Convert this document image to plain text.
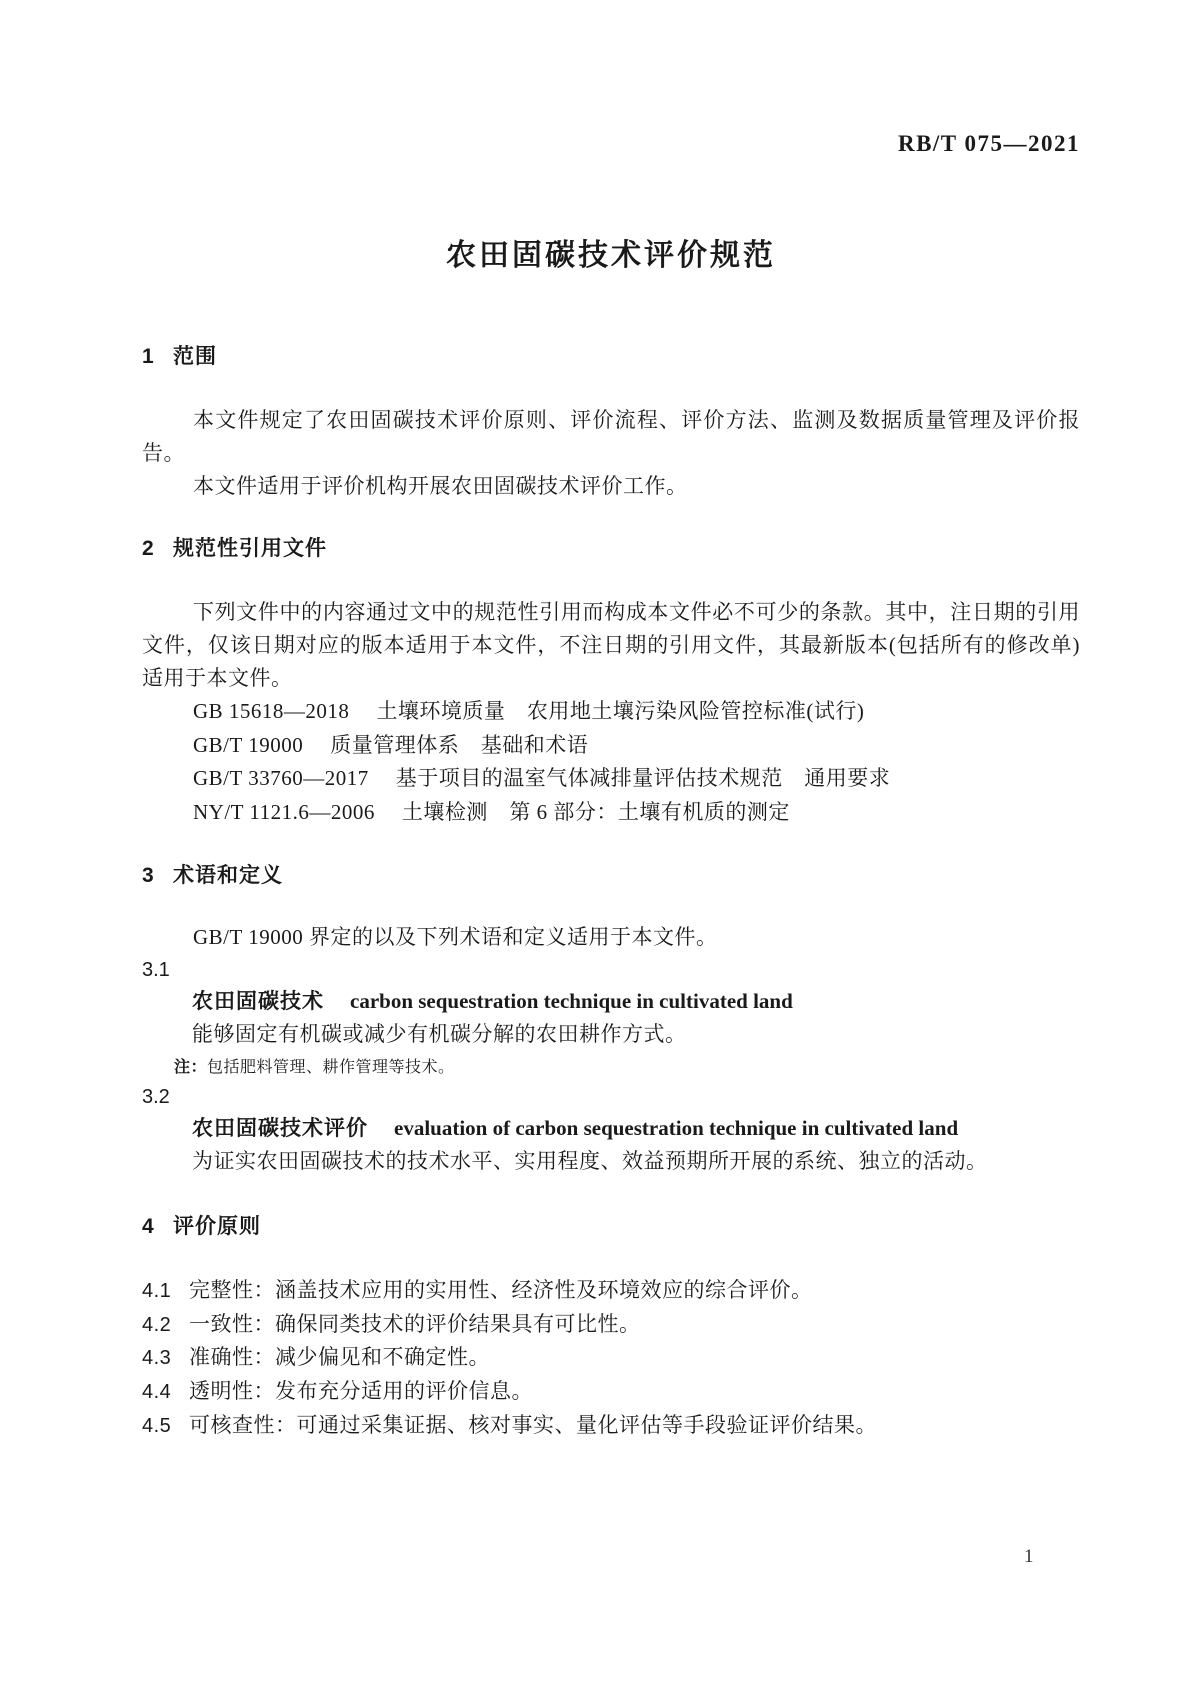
RB/T 075—2021
农田固碳技术评价规范
1 范围

本文件规定了农田固碳技术评价原则、评价流程、评价方法、监测及数据质量管理及评价报告。

本文件适用于评价机构开展农田固碳技术评价工作。

2 规范性引用文件

下列文件中的内容通过文中的规范性引用而构成本文件必不可少的条款。其中，注日期的引用文件，仅该日期对应的版本适用于本文件，不注日期的引用文件，其最新版本(包括所有的修改单)适用于本文件。

GB 15618—2018 土壤环境质量　农用地土壤污染风险管控标准(试行)
GB/T 19000 质量管理体系　基础和术语
GB/T 33760—2017 基于项目的温室气体减排量评估技术规范　通用要求
NY/T 1121.6—2006 土壤检测　第 6 部分：土壤有机质的测定
3 术语和定义

GB/T 19000 界定的以及下列术语和定义适用于本文件。

3.1
农田固碳技术 carbon sequestration technique in cultivated land

能够固定有机碳或减少有机碳分解的农田耕作方式。

注：包括肥料管理、耕作管理等技术。
3.2
农田固碳技术评价 evaluation of carbon sequestration technique in cultivated land

为证实农田固碳技术的技术水平、实用程度、效益预期所开展的系统、独立的活动。

4 评价原则
4.1 完整性：涵盖技术应用的实用性、经济性及环境效应的综合评价。
4.2 一致性：确保同类技术的评价结果具有可比性。
4.3 准确性：减少偏见和不确定性。
4.4 透明性：发布充分适用的评价信息。
4.5 可核查性：可通过采集证据、核对事实、量化评估等手段验证评价结果。
1
